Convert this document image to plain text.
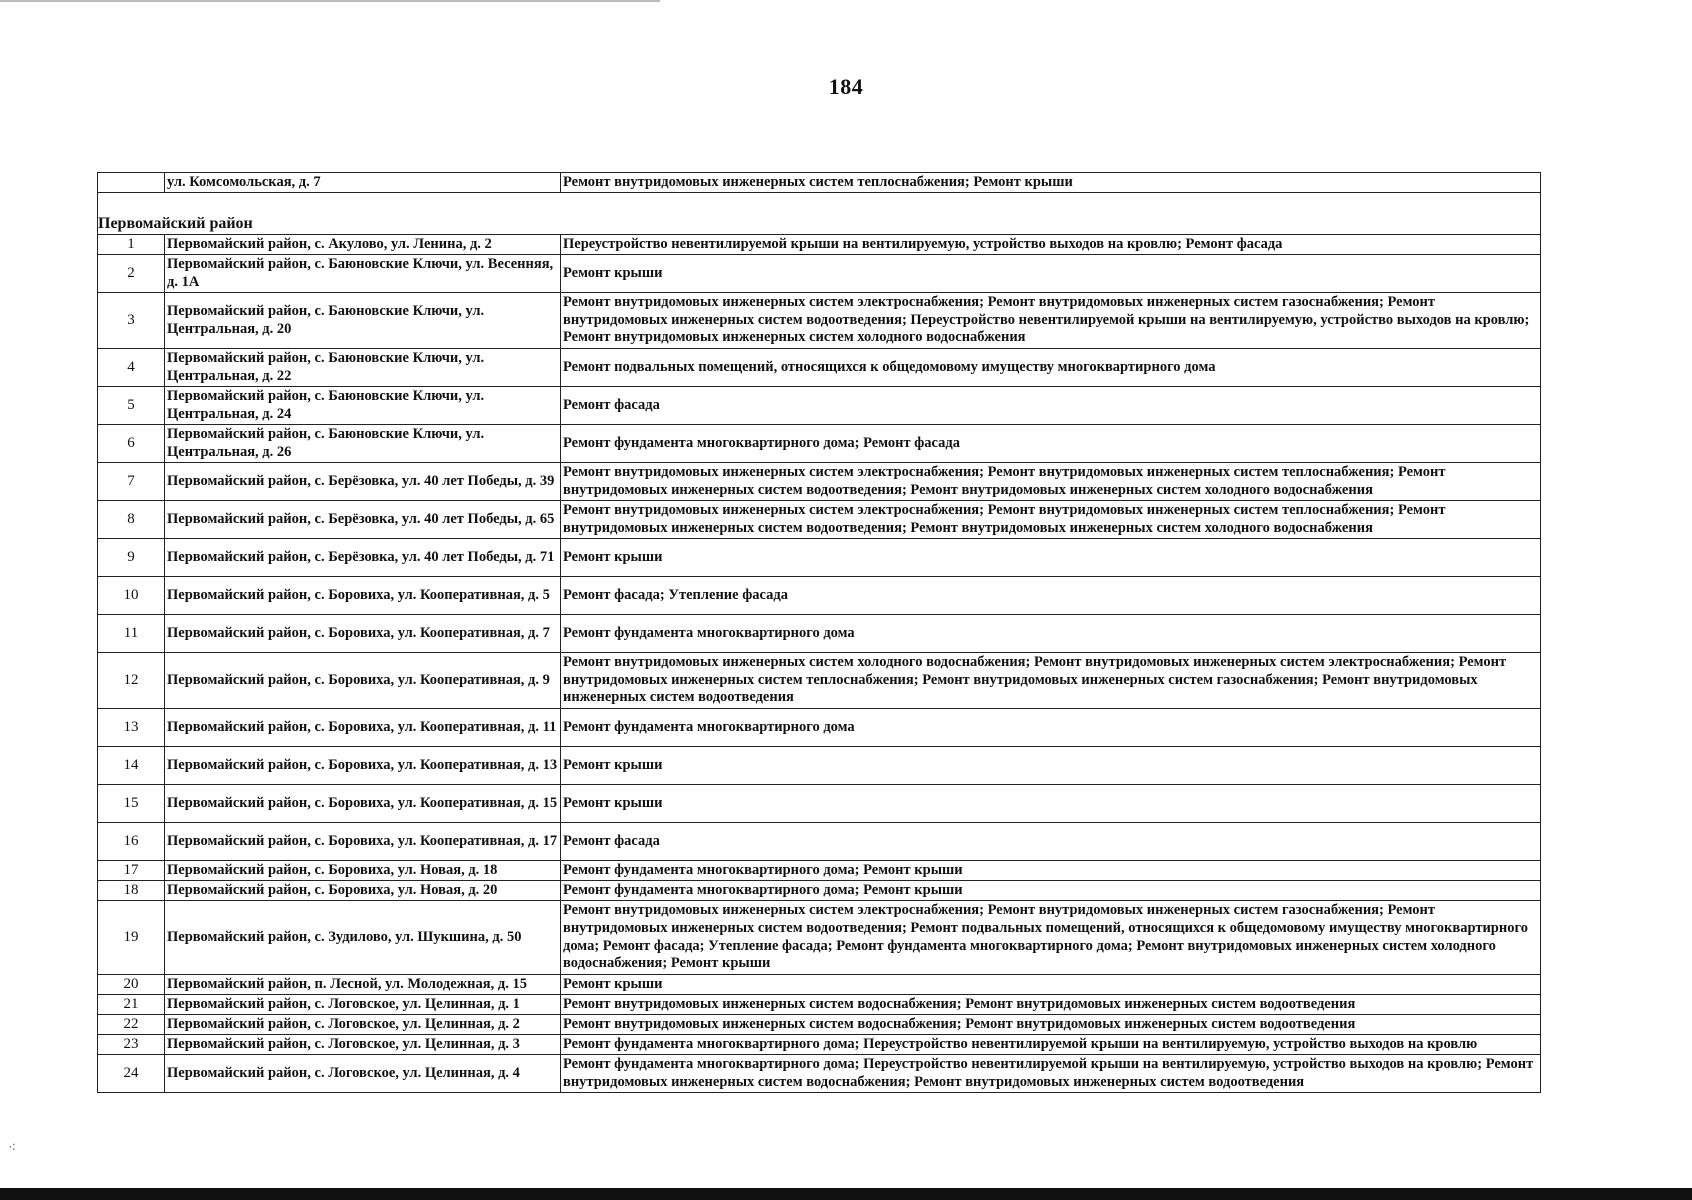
184
	ул. Комсомольская, д. 7	Ремонт внутридомовых инженерных систем теплоснабжения; Ремонт крыши

Первомайский район		
1	Первомайский район, с. Акулово, ул. Ленина, д. 2	Переустройство невентилируемой крыши на вентилируемую, устройство выходов на кровлю; Ремонт фасада
2	Первомайский район, с. Баюновские Ключи, ул. Весенняя, д. 1А	Ремонт крыши
3	Первомайский район, с. Баюновские Ключи, ул. Центральная, д. 20	Ремонт внутридомовых инженерных систем электроснабжения; Ремонт внутридомовых инженерных систем газоснабжения; Ремонт внутридомовых инженерных систем водоотведения; Переустройство невентилируемой крыши на вентилируемую, устройство выходов на кровлю; Ремонт внутридомовых инженерных систем холодного водоснабжения
4	Первомайский район, с. Баюновские Ключи, ул. Центральная, д. 22	Ремонт подвальных помещений, относящихся к общедомовому имуществу многоквартирного дома
5	Первомайский район, с. Баюновские Ключи, ул. Центральная, д. 24	Ремонт фасада
6	Первомайский район, с. Баюновские Ключи, ул. Центральная, д. 26	Ремонт фундамента многоквартирного дома; Ремонт фасада
7	Первомайский район, с. Берёзовка, ул. 40 лет Победы, д. 39	Ремонт внутридомовых инженерных систем электроснабжения; Ремонт внутридомовых инженерных систем теплоснабжения; Ремонт внутридомовых инженерных систем водоотведения; Ремонт внутридомовых инженерных систем холодного водоснабжения
8	Первомайский район, с. Берёзовка, ул. 40 лет Победы, д. 65	Ремонт внутридомовых инженерных систем электроснабжения; Ремонт внутридомовых инженерных систем теплоснабжения; Ремонт внутридомовых инженерных систем водоотведения; Ремонт внутридомовых инженерных систем холодного водоснабжения
9	Первомайский район, с. Берёзовка, ул. 40 лет Победы, д. 71	Ремонт крыши
10	Первомайский район, с. Боровиха, ул. Кооперативная, д. 5	Ремонт фасада; Утепление фасада
11	Первомайский район, с. Боровиха, ул. Кооперативная, д. 7	Ремонт фундамента многоквартирного дома
12	Первомайский район, с. Боровиха, ул. Кооперативная, д. 9	Ремонт внутридомовых инженерных систем холодного водоснабжения; Ремонт внутридомовых инженерных систем электроснабжения; Ремонт внутридомовых инженерных систем теплоснабжения; Ремонт внутридомовых инженерных систем газоснабжения; Ремонт внутридомовых инженерных систем водоотведения
13	Первомайский район, с. Боровиха, ул. Кооперативная, д. 11	Ремонт фундамента многоквартирного дома
14	Первомайский район, с. Боровиха, ул. Кооперативная, д. 13	Ремонт крыши
15	Первомайский район, с. Боровиха, ул. Кооперативная, д. 15	Ремонт крыши
16	Первомайский район, с. Боровиха, ул. Кооперативная, д. 17	Ремонт фасада
17	Первомайский район, с. Боровиха, ул. Новая, д. 18	Ремонт фундамента многоквартирного дома; Ремонт крыши
18	Первомайский район, с. Боровиха, ул. Новая, д. 20	Ремонт фундамента многоквартирного дома; Ремонт крыши
19	Первомайский район, с. Зудилово, ул. Шукшина, д. 50	Ремонт внутридомовых инженерных систем электроснабжения; Ремонт внутридомовых инженерных систем газоснабжения; Ремонт внутридомовых инженерных систем водоотведения; Ремонт подвальных помещений, относящихся к общедомовому имуществу многоквартирного дома; Ремонт фасада; Утепление фасада; Ремонт фундамента многоквартирного дома; Ремонт внутридомовых инженерных систем холодного водоснабжения; Ремонт крыши
20	Первомайский район, п. Лесной, ул. Молодежная, д. 15	Ремонт крыши
21	Первомайский район, с. Логовское, ул. Целинная, д. 1	Ремонт внутридомовых инженерных систем водоснабжения; Ремонт внутридомовых инженерных систем водоотведения
22	Первомайский район, с. Логовское, ул. Целинная, д. 2	Ремонт внутридомовых инженерных систем водоснабжения; Ремонт внутридомовых инженерных систем водоотведения
23	Первомайский район, с. Логовское, ул. Целинная, д. 3	Ремонт фундамента многоквартирного дома; Переустройство невентилируемой крыши на вентилируемую, устройство выходов на кровлю
24	Первомайский район, с. Логовское, ул. Целинная, д. 4	Ремонт фундамента многоквартирного дома; Переустройство невентилируемой крыши на вентилируемую, устройство выходов на кровлю; Ремонт внутридомовых инженерных систем водоснабжения; Ремонт внутридомовых инженерных систем водоотведения
⁖
